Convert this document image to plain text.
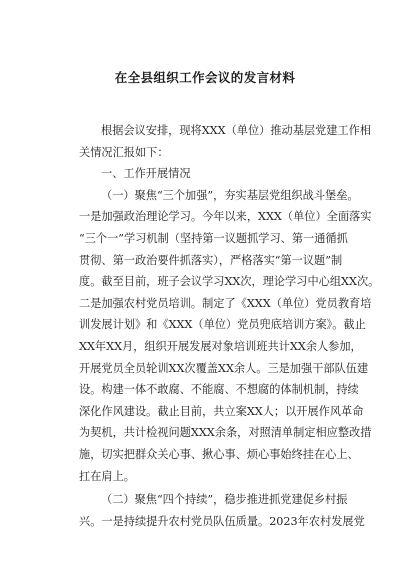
在全县组织工作会议的发言材料
根据会议安排，现将XXX（单位）推动基层党建工作相
关情况汇报如下：
一、工作开展情况
（一）聚焦“三个加强”，夯实基层党组织战斗堡垒。
一是加强政治理论学习。今年以来，XXX（单位）全面落实
“三个一”学习机制（坚持第一议题抓学习、第一通循抓
贯彻、第一政治要件抓落实），严格落实“第一议题”制
度。截至目前，班子会议学习XX次，理论学习中心组XX次。
二是加强农村党员培训。制定了《XXX（单位）党员教育培
训发展计划》和《XXX（单位）党员兜底培训方案》。截止
XX年XX月，组织开展发展对象培训班共计XX余人参加，
开展党员全员轮训XX次覆盖XX余人。三是加强干部队伍建
设。构建一体不敢腐、不能腐、不想腐的体制机制，持续
深化作风建设。截止目前，共立案XX人；以开展作风革命
为契机，共计检视问题XXX余条，对照清单制定相应整改措
施，切实把群众关心事、揪心事、烦心事始终挂在心上、
扛在肩上。
（二）聚焦“四个持续”，稳步推进抓党建促乡村振
兴。一是持续提升农村党员队伍质量。2023年农村发展党
